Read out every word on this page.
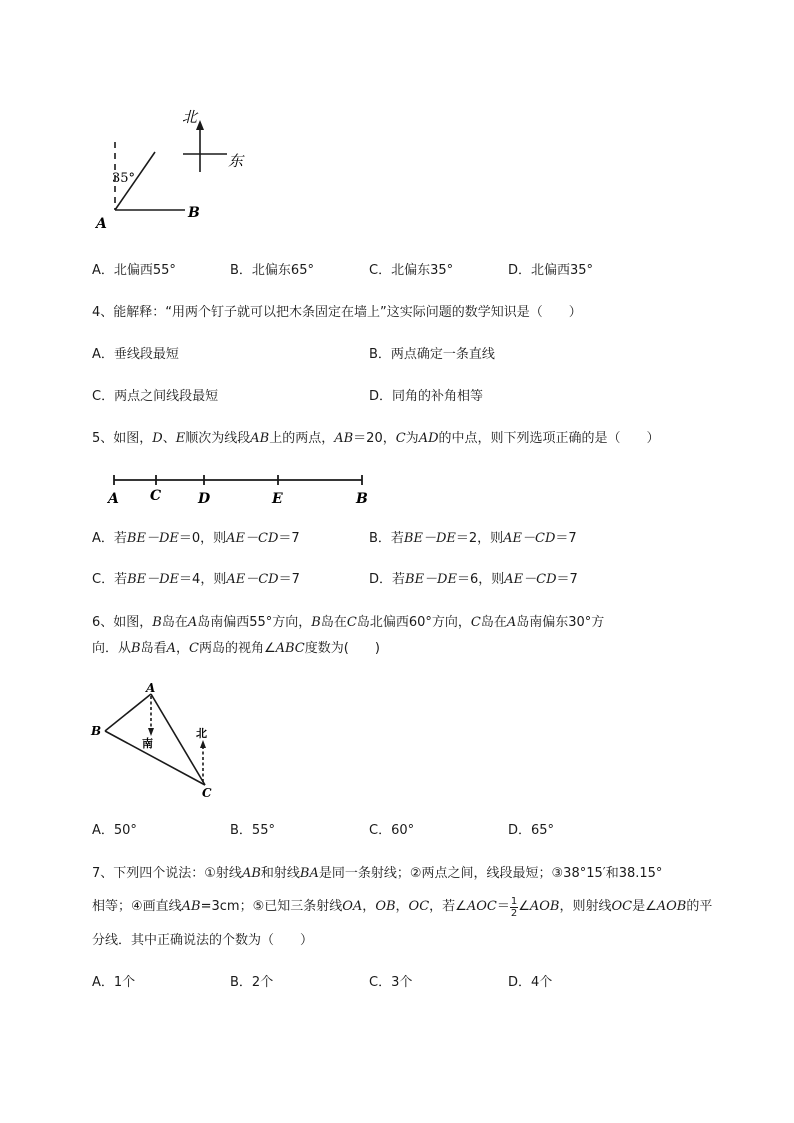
北
东
35°
A
B
A．北偏西55°	B．北偏东65°	C．北偏东35°	D．北偏西35°
4、能解释：“用两个钉子就可以把木条固定在墙上”这实际问题的数学知识是（　　）
A．垂线段最短	B．两点确定一条直线
C．两点之间线段最短	D．同角的补角相等
5、如图，D、E顺次为线段AB上的两点，AB＝20，C为AD的中点，则下列选项正确的是（　　）
A C	D	E	B
A．若BE－DE＝0，则AE－CD＝7	B．若BE－DE＝2，则AE－CD＝7
C．若BE－DE＝4，则AE－CD＝7	D．若BE－DE＝6，则AE－CD＝7
6、如图，B岛在A岛南偏西55°方向，B岛在C岛北偏西60°方向，C岛在A岛南偏东30°方
向．从B岛看A，C两岛的视角∠ABC度数为(　　)
A
B
C
南
北
A．50°	B．55°	C．60°	D．65°
7、下列四个说法：①射线AB和射线BA是同一条射线；②两点之间，线段最短；③38°15′和38.15°
相等；④画直线 AB =3cm；⑤已知三条射线 OA ， OB ， OC ，若∠ AOC ＝ $\frac{1}{2}$ ∠ AOB ，则射线 OC 是∠ AOB 的平
分线．其中正确说法的个数为（　　）
A．1个	B．2个	C．3个	D．4个
